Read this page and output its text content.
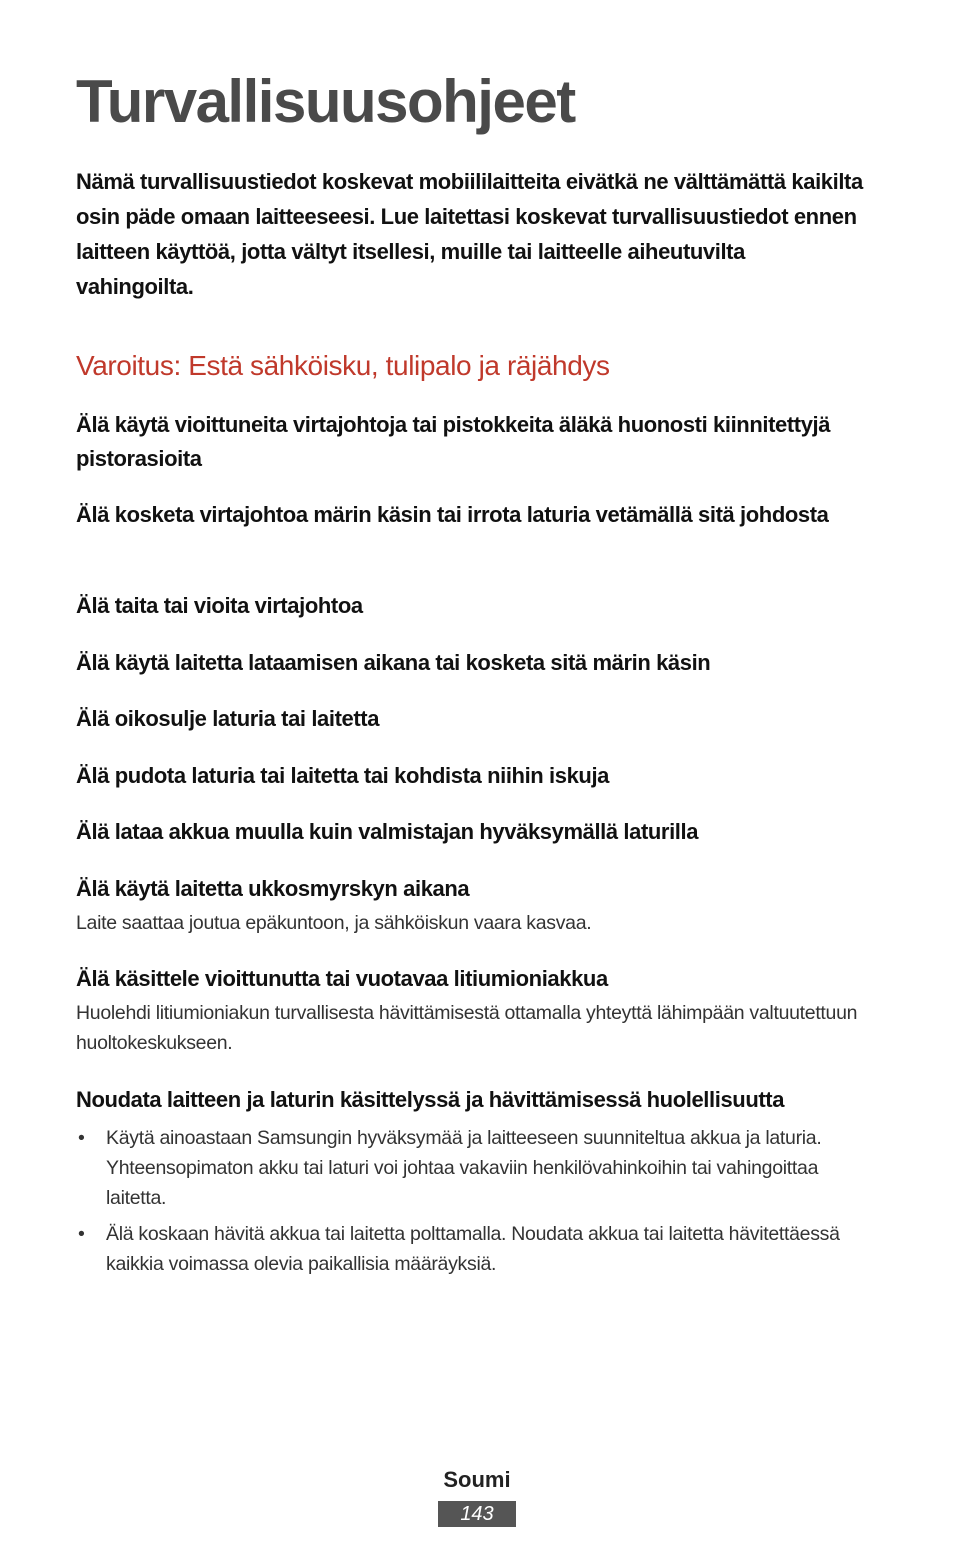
Turvallisuusohjeet

Nämä turvallisuustiedot koskevat mobiililaitteita eivätkä ne välttämättä kaikilta osin päde omaan laitteeseesi. Lue laitettasi koskevat turvallisuustiedot ennen laitteen käyttöä, jotta vältyt itsellesi, muille tai laitteelle aiheutuvilta vahingoilta.

Varoitus: Estä sähköisku, tulipalo ja räjähdys

Älä käytä vioittuneita virtajohtoja tai pistokkeita äläkä huonosti kiinnitettyjä pistorasioita

Älä kosketa virtajohtoa märin käsin tai irrota laturia vetämällä sitä johdosta

Älä taita tai vioita virtajohtoa

Älä käytä laitetta lataamisen aikana tai kosketa sitä märin käsin

Älä oikosulje laturia tai laitetta

Älä pudota laturia tai laitetta tai kohdista niihin iskuja

Älä lataa akkua muulla kuin valmistajan hyväksymällä laturilla

Älä käytä laitetta ukkosmyrskyn aikana

Laite saattaa joutua epäkuntoon, ja sähköiskun vaara kasvaa.

Älä käsittele vioittunutta tai vuotavaa litiumioniakkua

Huolehdi litiumioniakun turvallisesta hävittämisestä ottamalla yhteyttä lähimpään valtuutettuun huoltokeskukseen.

Noudata laitteen ja laturin käsittelyssä ja hävittämisessä huolellisuutta

• Käytä ainoastaan Samsungin hyväksymää ja laitteeseen suunniteltua akkua ja laturia. Yhteensopimaton akku tai laturi voi johtaa vakaviin henkilövahinkoihin tai vahingoittaa laitetta.
• Älä koskaan hävitä akkua tai laitetta polttamalla. Noudata akkua tai laitetta hävitettäessä kaikkia voimassa olevia paikallisia määräyksiä.
Soumi
143
